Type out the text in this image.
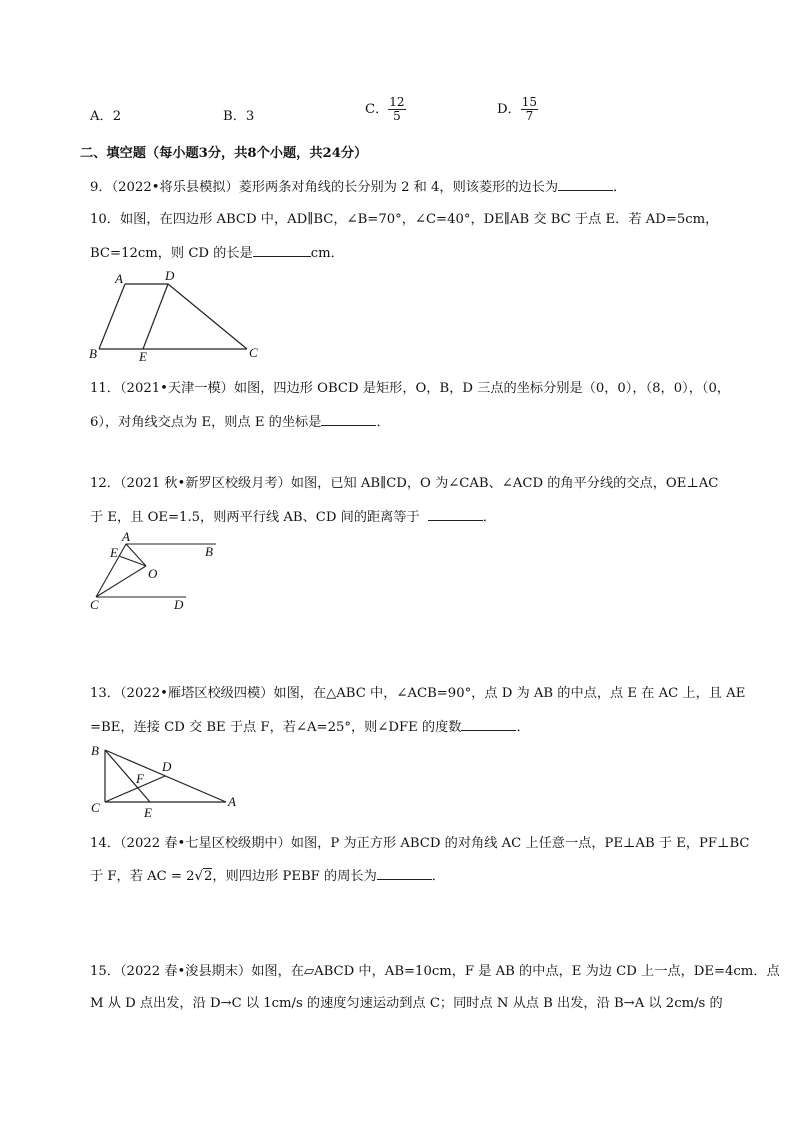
A．2	B．3	C． $\frac{12}{5}$	D． $\frac{15}{7}$
二、填空题（每小题3分，共8个小题，共24分）
9．（2022•将乐县模拟）菱形两条对角线的长分别为 2 和 4，则该菱形的边长为	．
10．如图，在四边形 ABCD 中，AD∥BC，∠B=70°，∠C=40°，DE∥AB 交 BC 于点 E．若 AD=5cm，
BC=12cm，则 CD 的长是	cm．
A	D
B	E	C
11．（2021•天津一模）如图，四边形 OBCD 是矩形，O，B，D 三点的坐标分别是（0，0），（8，0），（0，
6），对角线交点为 E，则点 E 的坐标是	．
12．（2021 秋•新罗区校级月考）如图，已知 AB∥CD，O 为∠CAB、∠ACD 的角平分线的交点，OE⊥AC
于 E，且 OE=1.5，则两平行线 AB、CD 间的距离等于	．
A
E	B
O
C	D
13．（2022•雁塔区校级四模）如图，在△ABC 中，∠ACB=90°，点 D 为 AB 的中点，点 E 在 AC 上，且 AE
=BE，连接 CD 交 BE 于点 F，若∠A=25°，则∠DFE 的度数	．
B
D
F
C	E
A
14．（2022 春•七星区校级期中）如图，P 为正方形 ABCD 的对角线 AC 上任意一点，PE⊥AB 于 E，PF⊥BC
于 F，若 AC = 2√2，则四边形 PEBF 的周长为	．
15．（2022 春•浚县期末）如图，在▱ABCD 中，AB=10cm，F 是 AB 的中点，E 为边 CD 上一点，DE=4cm．点
M 从 D 点出发，沿 D→C 以 1cm/s 的速度匀速运动到点 C；同时点 N 从点 B 出发，沿 B→A 以 2cm/s 的
